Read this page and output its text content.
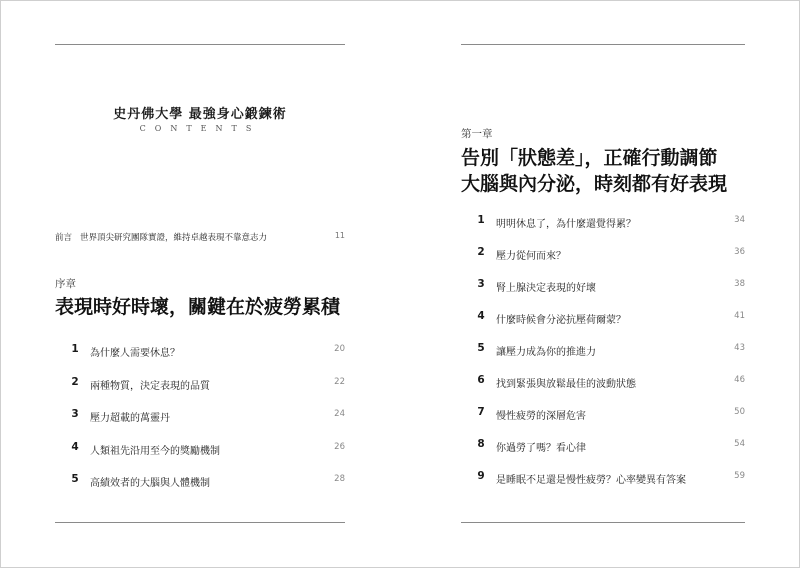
史丹佛大學 最強身心鍛鍊術
CONTENTS
前言 世界頂尖研究團隊實證，維持卓越表現不靠意志力	11
序章
表現時好時壞，關鍵在於疲勞累積
1	為什麼人需要休息？	20
2	兩種物質，決定表現的品質	22
3	壓力超載的萬靈丹	24
4	人類祖先沿用至今的獎勵機制	26
5	高績效者的大腦與人體機制	28
第一章
告別「狀態差」，正確行動調節
大腦與內分泌，時刻都有好表現
1	明明休息了，為什麼還覺得累？	34
2	壓力從何而來？	36
3	腎上腺決定表現的好壞	38
4	什麼時候會分泌抗壓荷爾蒙？	41
5	讓壓力成為你的推進力	43
6	找到緊張與放鬆最佳的波動狀態	46
7	慢性疲勞的深層危害	50
8	你過勞了嗎？看心律	54
9	是睡眠不足還是慢性疲勞？心率變異有答案	59
